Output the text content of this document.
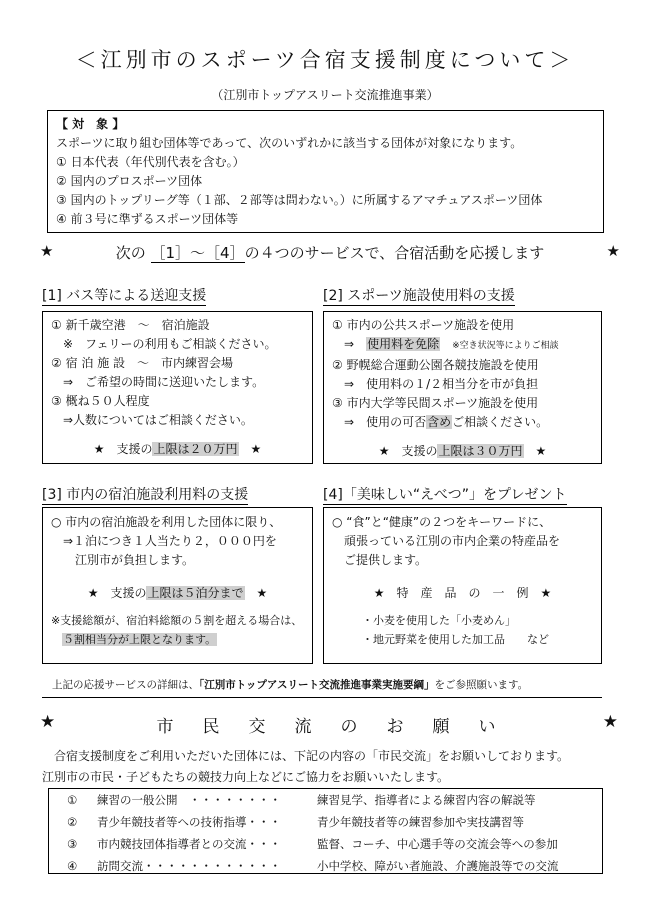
＜江別市のスポーツ合宿支援制度について＞
（江別市トップアスリート交流推進事業）
【 対　象 】
スポーツに取り組む団体等であって、次のいずれかに該当する団体が対象になります。
① 日本代表（年代別代表を含む。）
② 国内のプロスポーツ団体
③ 国内のトップリーグ等（１部、２部等は問わない。）に所属するアマチュアスポーツ団体
④ 前３号に準ずるスポーツ団体等
★	次の ［1］〜［4］の４つのサービスで、合宿活動を応援します	★
[1] バス等による送迎支援
① 新千歳空港　〜　宿泊施設
　※　フェリーの利用もご相談ください。
② 宿 泊 施 設　〜　市内練習会場
　⇒　ご希望の時間に送迎いたします。
③ 概ね５０人程度
　⇒人数についてはご相談ください。
★　支援の上限は２０万円　 ★
[2] スポーツ施設使用料の支援
① 市内の公共スポーツ施設を使用
　⇒　使用料を免除　 ※空き状況等によりご相談
② 野幌総合運動公園各競技施設を使用
　⇒　使用料の１/２相当分を市が負担
③ 市内大学等民間スポーツ施設を使用
　⇒　使用の可否含めご相談ください。
★　支援の上限は３０万円　 ★
[3] 市内の宿泊施設利用料の支援
○ 市内の宿泊施設を利用した団体に限り、
　⇒１泊につき１人当たり２，０００円を
　　江別市が負担します。
★　支援の上限は５泊分まで　 ★
※支援総額が、宿泊料総額の５割を超える場合は、
　５割相当分が上限となります。
[4]「美味しい“えべつ”」をプレゼント
○ “食”と“健康”の２つをキーワードに、
　頑張っている江別の市内企業の特産品を
　ご提供します。
★　特　産　品　の　一　例　★
・小麦を使用した「小麦めん」
・地元野菜を使用した加工品　　など
上記の応援サービスの詳細は、「江別市トップアスリート交流推進事業実施要綱」をご参照願います。
★	市　民　交　流　の　お　願　い	★
合宿支援制度をご利用いただいた団体には、下記の内容の「市民交流」をお願いしております。
江別市の市民・子どもたちの競技力向上などにご協力をお願いいたします。
①	練習の一般公開　・・・・・・・・	練習見学、指導者による練習内容の解説等
②	青少年競技者等への技術指導・・・	青少年競技者等の練習参加や実技講習等
③	市内競技団体指導者との交流・・・	監督、コーチ、中心選手等の交流会等への参加
④	訪問交流・・・・・・・・・・・・	小中学校、障がい者施設、介護施設等での交流
